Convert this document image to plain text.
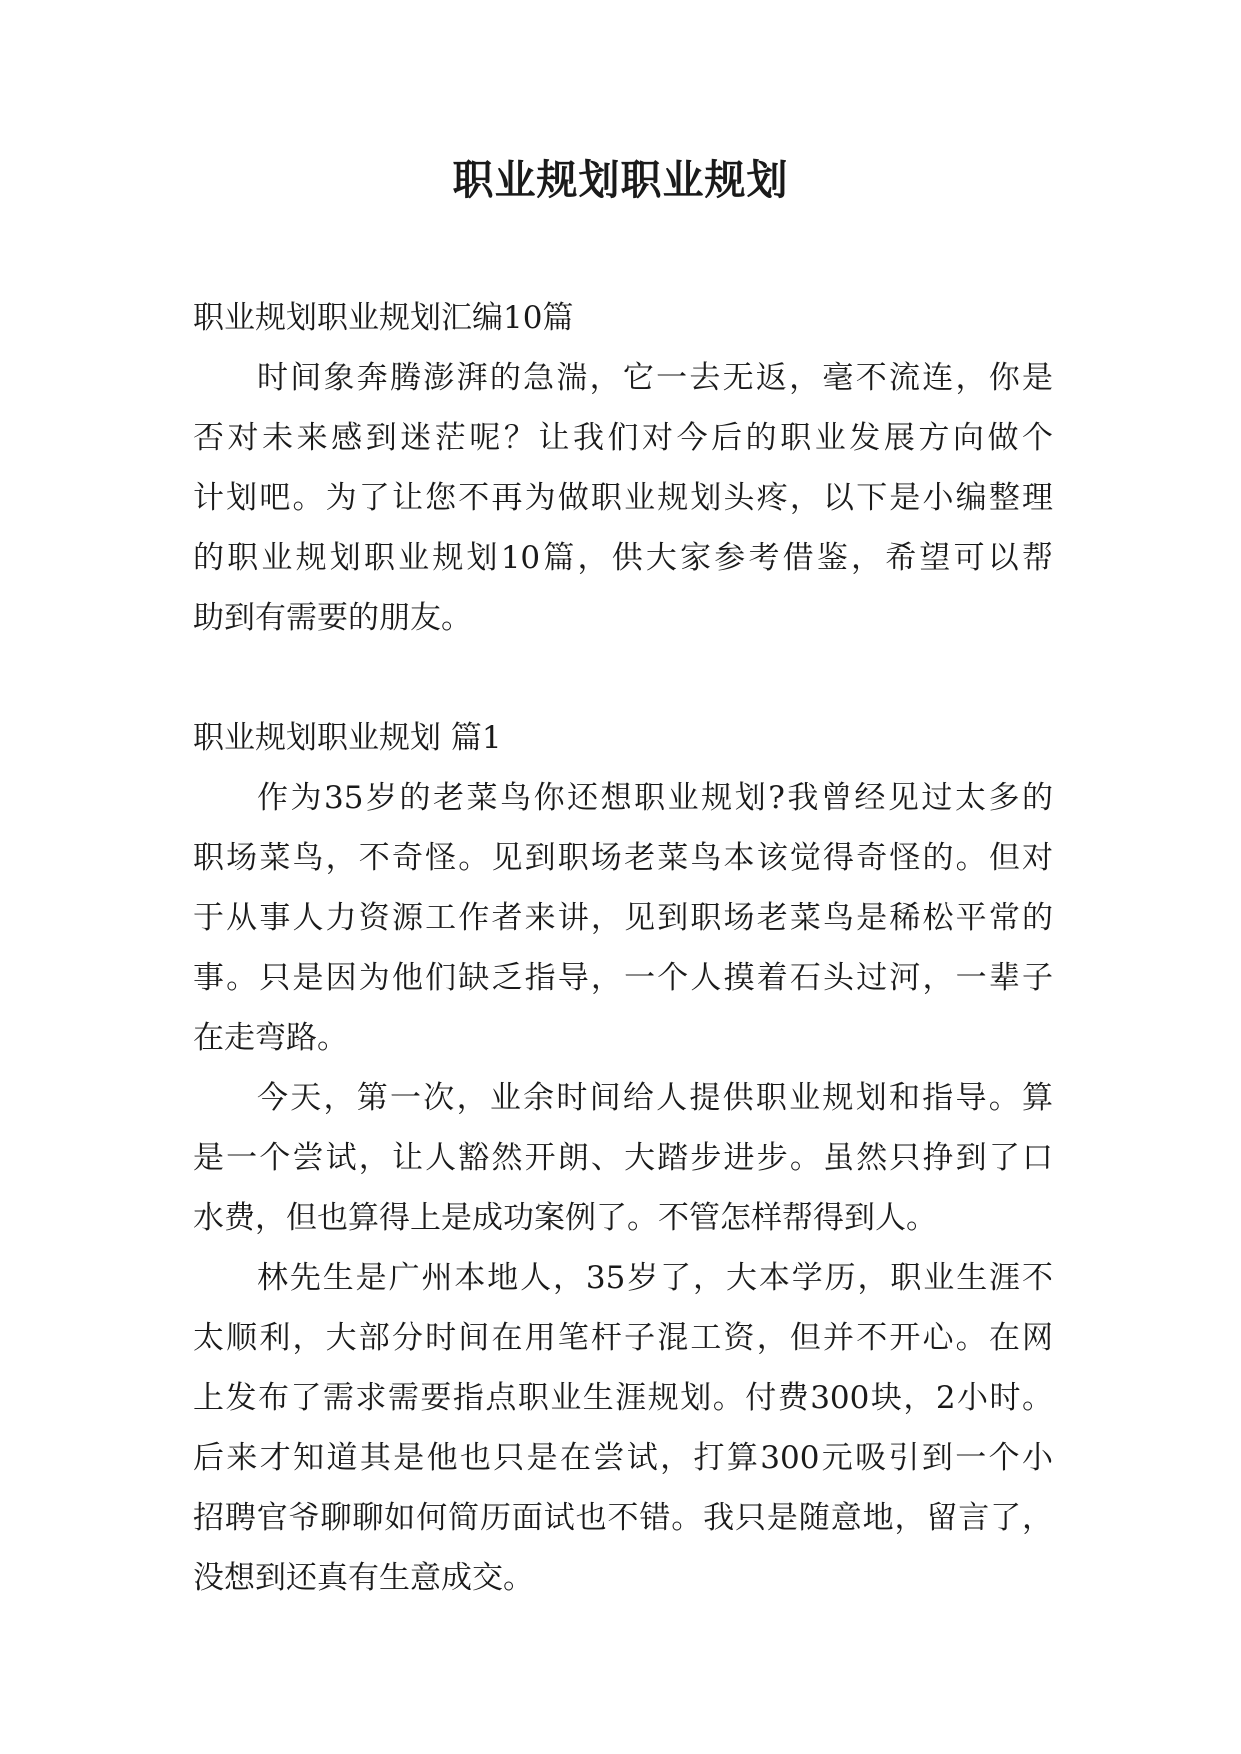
职业规划职业规划
职业规划职业规划汇编10篇
时间象奔腾澎湃的急湍，它一去无返，毫不流连，你是
否对未来感到迷茫呢？让我们对今后的职业发展方向做个
计划吧。为了让您不再为做职业规划头疼，以下是小编整理
的职业规划职业规划10篇，供大家参考借鉴，希望可以帮
助到有需要的朋友。
职业规划职业规划 篇1
作为35岁的老菜鸟你还想职业规划?我曾经见过太多的
职场菜鸟，不奇怪。见到职场老菜鸟本该觉得奇怪的。但对
于从事人力资源工作者来讲，见到职场老菜鸟是稀松平常的
事。只是因为他们缺乏指导，一个人摸着石头过河，一辈子
在走弯路。
今天，第一次，业余时间给人提供职业规划和指导。算
是一个尝试，让人豁然开朗、大踏步进步。虽然只挣到了口
水费，但也算得上是成功案例了。不管怎样帮得到人。
林先生是广州本地人，35岁了，大本学历，职业生涯不
太顺利，大部分时间在用笔杆子混工资，但并不开心。在网
上发布了需求需要指点职业生涯规划。付费300块，2小时。
后来才知道其是他也只是在尝试，打算300元吸引到一个小
招聘官爷聊聊如何简历面试也不错。我只是随意地，留言了，
没想到还真有生意成交。
